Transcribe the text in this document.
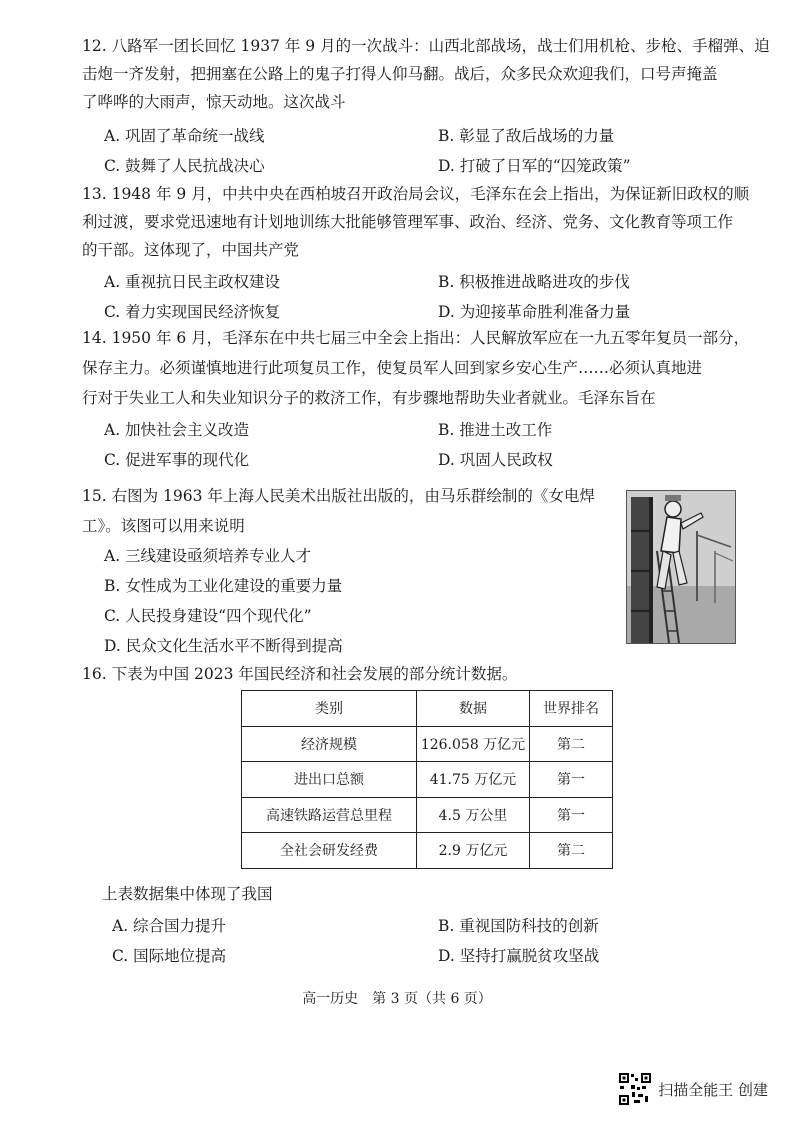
12. 八路军一团长回忆 1937 年 9 月的一次战斗：山西北部战场，战士们用机枪、步枪、手榴弹、迫
击炮一齐发射，把拥塞在公路上的鬼子打得人仰马翻。战后，众多民众欢迎我们，口号声掩盖
了哗哗的大雨声，惊天动地。这次战斗
A. 巩固了革命统一战线	B. 彰显了敌后战场的力量
C. 鼓舞了人民抗战决心	D. 打破了日军的“囚笼政策”
13. 1948 年 9 月，中共中央在西柏坡召开政治局会议，毛泽东在会上指出，为保证新旧政权的顺
利过渡，要求党迅速地有计划地训练大批能够管理军事、政治、经济、党务、文化教育等项工作
的干部。这体现了，中国共产党
A. 重视抗日民主政权建设	B. 积极推进战略进攻的步伐
C. 着力实现国民经济恢复	D. 为迎接革命胜利准备力量
14. 1950 年 6 月，毛泽东在中共七届三中全会上指出：人民解放军应在一九五零年复员一部分，
保存主力。必须谨慎地进行此项复员工作，使复员军人回到家乡安心生产……必须认真地进
行对于失业工人和失业知识分子的救济工作，有步骤地帮助失业者就业。毛泽东旨在
A. 加快社会主义改造	B. 推进土改工作
C. 促进军事的现代化	D. 巩固人民政权
15. 右图为 1963 年上海人民美术出版社出版的，由马乐群绘制的《女电焊
工》。该图可以用来说明
A. 三线建设亟须培养专业人才
B. 女性成为工业化建设的重要力量
C. 人民投身建设“四个现代化”
D. 民众文化生活水平不断得到提高
16. 下表为中国 2023 年国民经济和社会发展的部分统计数据。
类别	数据	世界排名
经济规模	126.058 万亿元	第二
进出口总额	41.75 万亿元	第一
高速铁路运营总里程	4.5 万公里	第一
全社会研发经费	2.9 万亿元	第二
上表数据集中体现了我国
A. 综合国力提升	B. 重视国防科技的创新
C. 国际地位提高	D. 坚持打赢脱贫攻坚战
高一历史　第 3 页（共 6 页）
扫描全能王 创建
